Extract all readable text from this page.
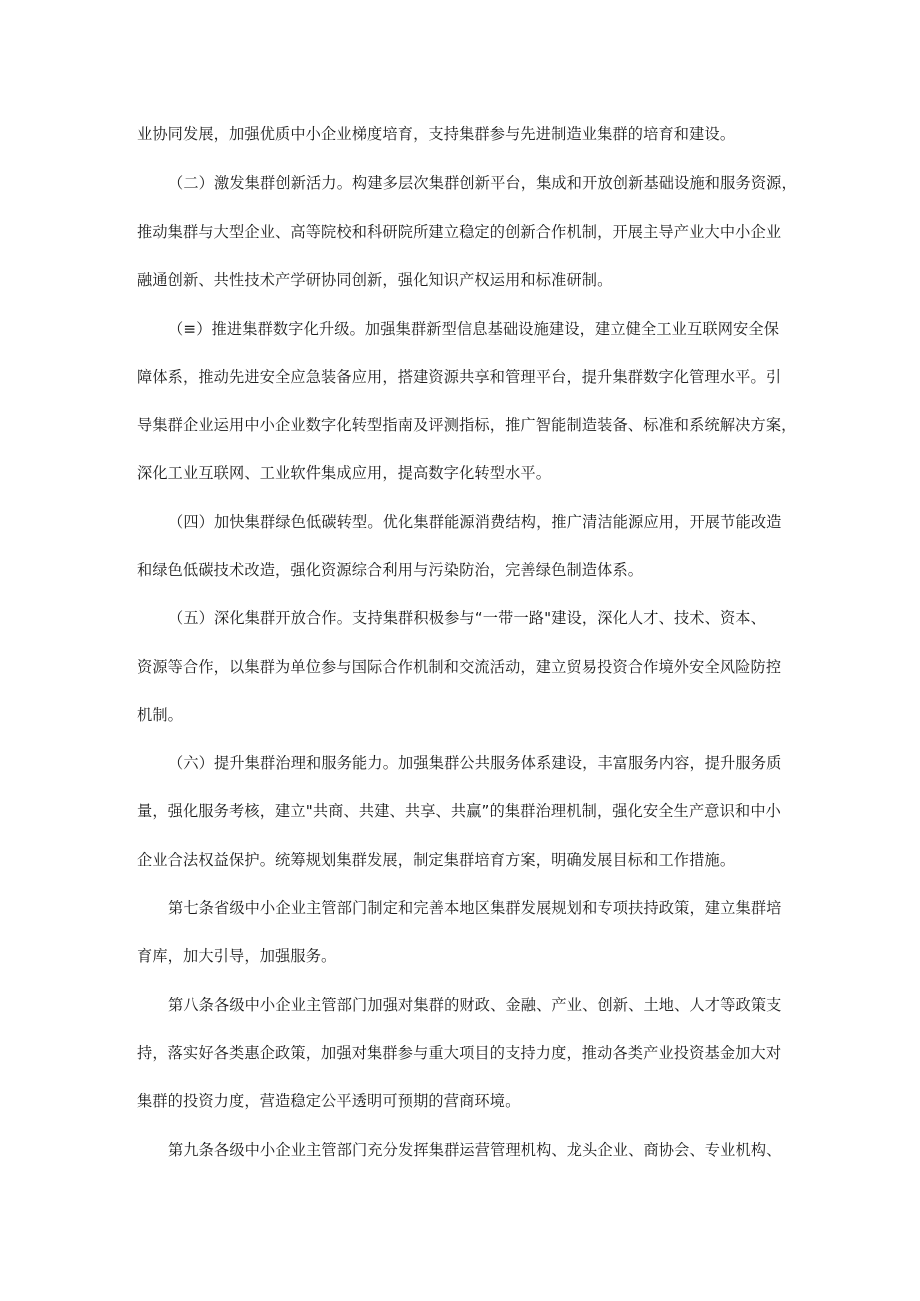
业协同发展，加强优质中小企业梯度培育，支持集群参与先进制造业集群的培育和建设。
（二）激发集群创新活力。构建多层次集群创新平台，集成和开放创新基础设施和服务资源，
推动集群与大型企业、高等院校和科研院所建立稳定的创新合作机制，开展主导产业大中小企业
融通创新、共性技术产学研协同创新，强化知识产权运用和标准研制。
（≡）推进集群数字化升级。加强集群新型信息基础设施建设，建立健全工业互联网安全保
障体系，推动先进安全应急装备应用，搭建资源共享和管理平台，提升集群数字化管理水平。引
导集群企业运用中小企业数字化转型指南及评测指标，推广智能制造装备、标准和系统解决方案，
深化工业互联网、工业软件集成应用，提高数字化转型水平。
（四）加快集群绿色低碳转型。优化集群能源消费结构，推广清洁能源应用，开展节能改造
和绿色低碳技术改造，强化资源综合利用与污染防治，完善绿色制造体系。
（五）深化集群开放合作。支持集群积极参与“一带一路"建设，深化人才、技术、资本、
资源等合作，以集群为单位参与国际合作机制和交流活动，建立贸易投资合作境外安全风险防控
机制。
（六）提升集群治理和服务能力。加强集群公共服务体系建设，丰富服务内容，提升服务质
量，强化服务考核，建立"共商、共建、共享、共赢”的集群治理机制，强化安全生产意识和中小
企业合法权益保护。统筹规划集群发展，制定集群培育方案，明确发展目标和工作措施。
第七条省级中小企业主管部门制定和完善本地区集群发展规划和专项扶持政策，建立集群培
育库，加大引导，加强服务。
第八条各级中小企业主管部门加强对集群的财政、金融、产业、创新、土地、人才等政策支
持，落实好各类惠企政策，加强对集群参与重大项目的支持力度，推动各类产业投资基金加大对
集群的投资力度，营造稳定公平透明可预期的营商环境。
第九条各级中小企业主管部门充分发挥集群运营管理机构、龙头企业、商协会、专业机构、
